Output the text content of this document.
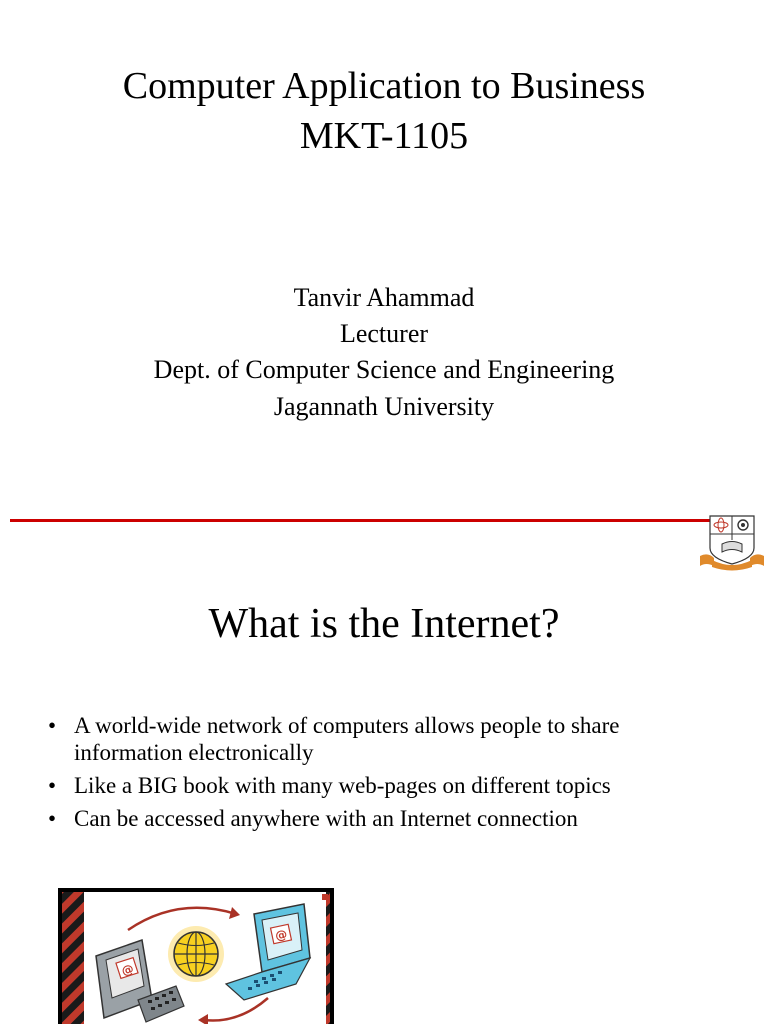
Computer Application to Business
MKT-1105
Tanvir Ahammad
Lecturer
Dept. of Computer Science and Engineering
Jagannath University
What is the Internet?
• A world-wide network of computers allows people to share
information electronically
• Like a BIG book with many web-pages on different topics
• Can be accessed anywhere with an Internet connection
@
@
